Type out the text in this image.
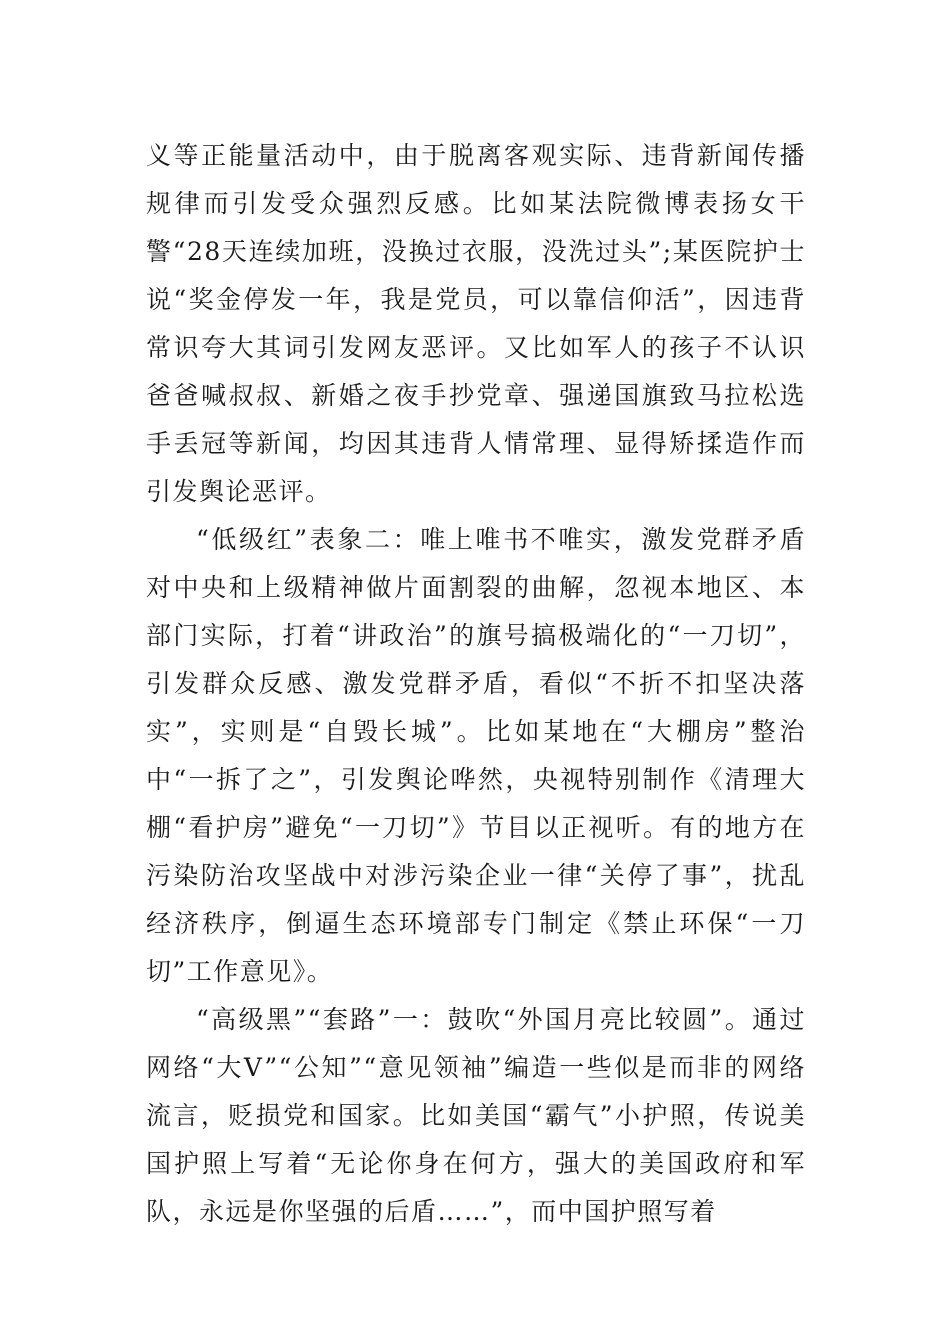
义等正能量活动中，由于脱离客观实际、违背新闻传播规律而引发受众强烈反感。比如某法院微博表扬女干警“28天连续加班，没换过衣服，没洗过头”;某医院护士说“奖金停发一年，我是党员，可以靠信仰活”，因违背常识夸大其词引发网友恶评。又比如军人的孩子不认识爸爸喊叔叔、新婚之夜手抄党章、强递国旗致马拉松选手丢冠等新闻，均因其违背人情常理、显得矫揉造作而引发舆论恶评。

“低级红”表象二：唯上唯书不唯实，激发党群矛盾对中央和上级精神做片面割裂的曲解，忽视本地区、本部门实际，打着“讲政治”的旗号搞极端化的“一刀切”，引发群众反感、激发党群矛盾，看似“不折不扣坚决落实”，实则是“自毁长城”。比如某地在“大棚房”整治中“一拆了之”，引发舆论哗然，央视特别制作《清理大棚“看护房”避免“一刀切”》节目以正视听。有的地方在污染防治攻坚战中对涉污染企业一律“关停了事”，扰乱经济秩序，倒逼生态环境部专门制定《禁止环保“一刀切”工作意见》。

“高级黑”“套路”一：鼓吹“外国月亮比较圆”。通过网络“大V”“公知”“意见领袖”编造一些似是而非的网络流言，贬损党和国家。比如美国“霸气”小护照，传说美国护照上写着“无论你身在何方，强大的美国政府和军队，永远是你坚强的后盾……”，而中国护照写着
